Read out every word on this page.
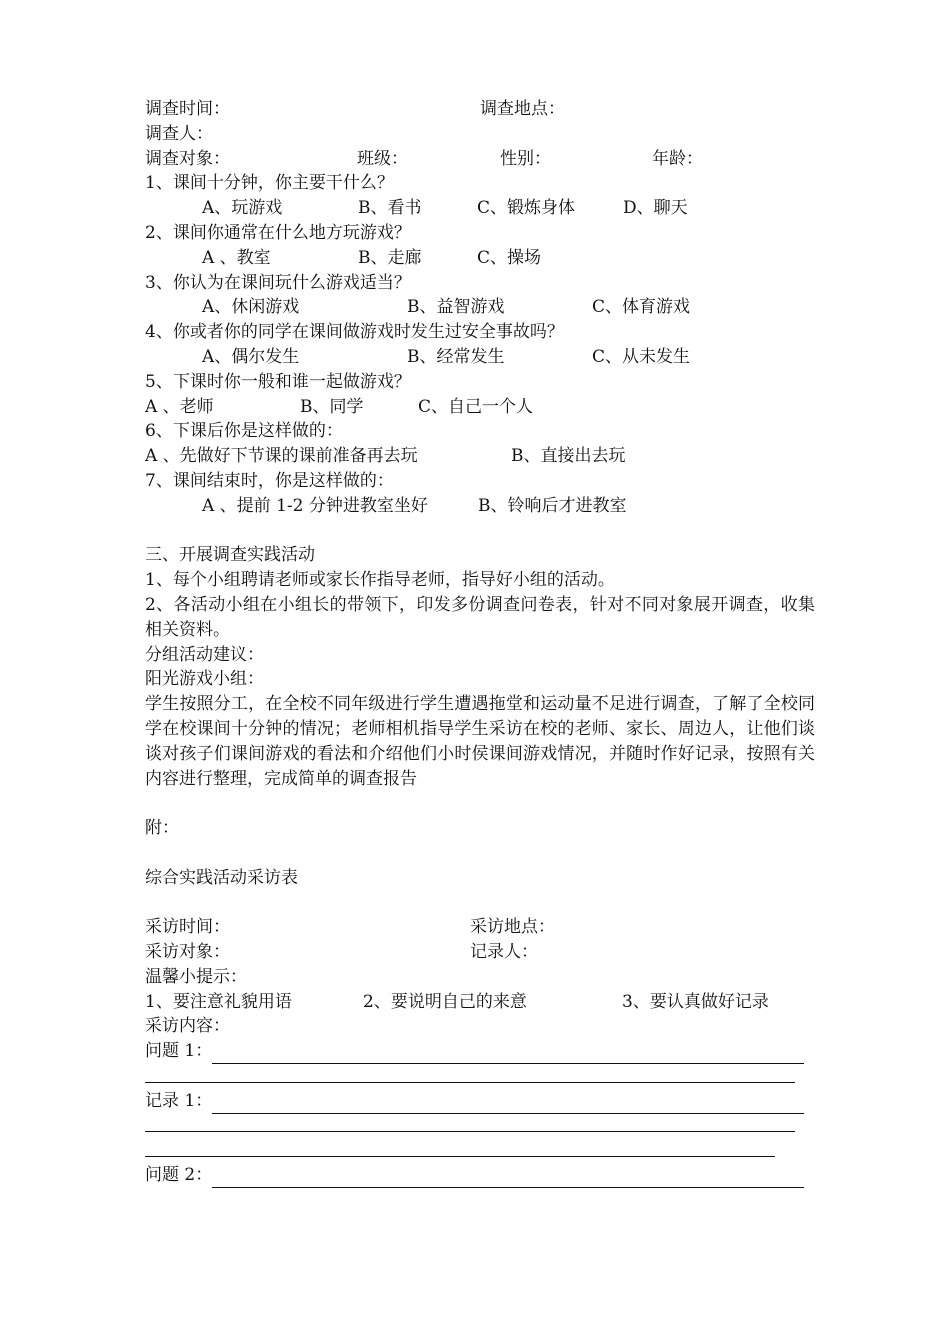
调查时间：	调查地点：
调查人：
调查对象：	班级：	性别：	年龄：
1、课间十分钟，你主要干什么？
A、玩游戏	B、看书	C、锻炼身体	D、聊天
2、课间你通常在什么地方玩游戏？
A 、教室	B、走廊	C、操场
3、你认为在课间玩什么游戏适当？
A、休闲游戏	B、益智游戏	C、体育游戏
4、你或者你的同学在课间做游戏时发生过安全事故吗？
A、偶尔发生	B、经常发生	C、从未发生
5、下课时你一般和谁一起做游戏？
A 、老师	B、同学	C、自己一个人
6、下课后你是这样做的：
A 、先做好下节课的课前准备再去玩	B、直接出去玩
7、课间结束时，你是这样做的：
A 、提前 1-2 分钟进教室坐好	B、铃响后才进教室
三、开展调查实践活动
1、每个小组聘请老师或家长作指导老师，指导好小组的活动。
2、各活动小组在小组长的带领下，印发多份调查问卷表，针对不同对象展开调查，收集相关资料。
分组活动建议：
阳光游戏小组：
学生按照分工，在全校不同年级进行学生遭遇拖堂和运动量不足进行调查，了解了全校同学在校课间十分钟的情况；老师相机指导学生采访在校的老师、家长、周边人，让他们谈谈对孩子们课间游戏的看法和介绍他们小时侯课间游戏情况，并随时作好记录，按照有关内容进行整理，完成简单的调查报告
附：
综合实践活动采访表
采访时间：	采访地点：
采访对象：	记录人：
温馨小提示：
1、要注意礼貌用语	2、要说明自己的来意	3、要认真做好记录
采访内容：
问题 1：
记录 1：
问题 2：
